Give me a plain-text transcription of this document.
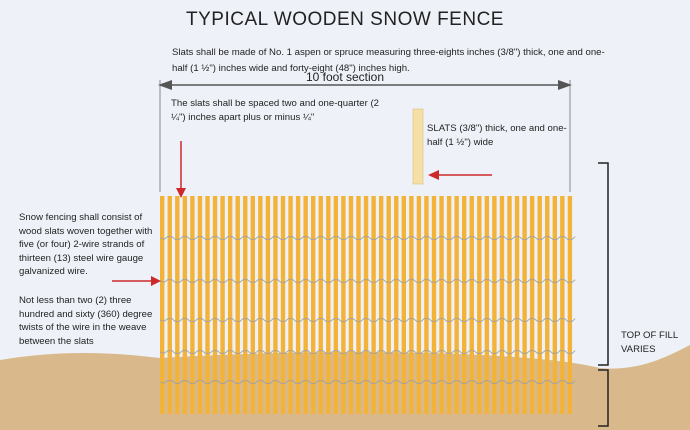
TYPICAL WOODEN SNOW FENCE
Slats shall be made of No. 1 aspen or spruce measuring three-eights inches (3/8") thick, one and one-half (1 ½") inches wide and forty-eight (48") inches high.
10 foot section
The slats shall be spaced two and one-quarter (2 ¼") inches apart plus or minus ¼"
SLATS (3/8") thick, one and one-half (1 ½") wide
Snow fencing shall consist of wood slats woven together with five (or four) 2-wire strands of thirteen (13) steel wire gauge galvanized wire.
Not less than two (2) three hundred and sixty (360) degree twists of the wire in the weave between the slats	TOP OF FILL VARIES
